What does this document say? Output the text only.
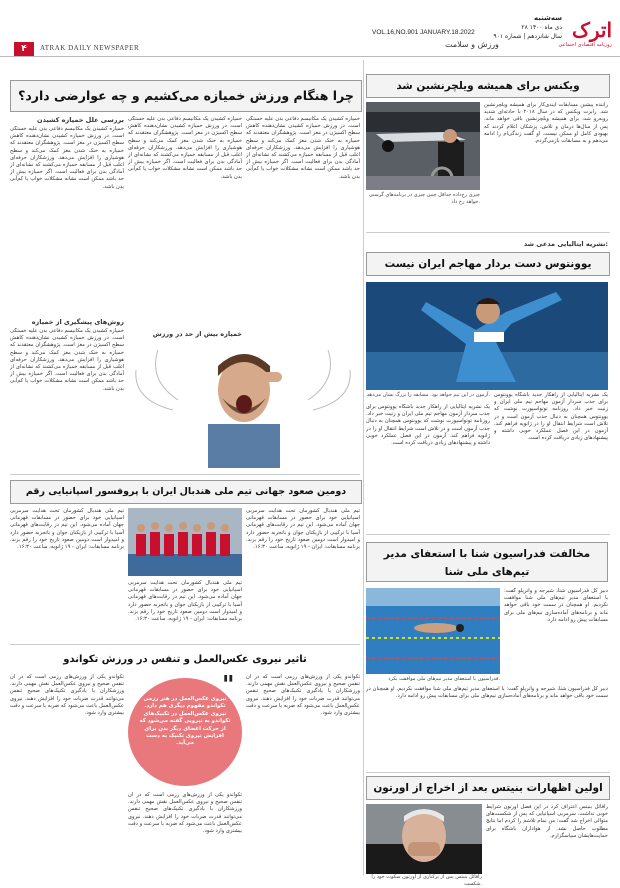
اترک
روزنامه اقتصادی اجتماعی
سه‌شنبه
۲۸ دی‌ ماه ۱۴۰۰
سال شانزدهم | شماره ۹۰۱
VOL.16,NO.901 JANUARY.18.2022
ورزش و سلامت
۴	ATRAK DAILY NEWSPAPER
ویکنس برای همیشه ویلچرنشین شد
راننده پیشین مسابقات ایندی‌کار برای همیشه ویلچرنشین شد. رابرت ویکنس که در سال ۲۰۱۸ با حادثه‌ای شدید روبه‌رو شد، برای همیشه ویلچرنشین باقی خواهد ماند. پس از سال‌ها درمان و تلاش، پزشکان اعلام کردند که بهبودی کامل او ممکن نیست. او گفت زندگی‌ام را ادامه می‌دهم و به مسابقات بازمی‌گردم.
چیزی رخ‌داده حداقل چنین چیزی در برنامه‌های گرسنی خواهد رخ داد.
نشریه ایتالیایی مدعی شد:
یوونتوس دست بردار مهاجم ایران نیست
آزمون در این تیم خواهد بود. مسابقه را بزرگ نشان می‌دهد. یک نشریه ایتالیایی از راهکار جدید باشگاه یوونتوس برای جذب سردار آزمون مهاجم تیم ملی ایران و زنیت خبر داد. روزنامه توتواسپورت نوشت که یوونتوس همچنان به دنبال جذب آزمون است و در تلاش است شرایط انتقال او را در ژانویه فراهم کند. آزمون در این فصل عملکرد خوبی داشته و پیشنهادهای زیادی دریافت کرده است.
یک نشریه ایتالیایی از راهکار جدید باشگاه یوونتوس برای جذب سردار آزمون مهاجم تیم ملی ایران و زنیت خبر داد. روزنامه توتواسپورت نوشت که یوونتوس همچنان به دنبال جذب آزمون است و در تلاش است شرایط انتقال او را در ژانویه فراهم کند. آزمون در این فصل عملکرد خوبی داشته و پیشنهادهای زیادی دریافت کرده است.
مخالفت فدراسیون شنا با استعفای مدیر تیم‌های ملی شنا
دبیر کل فدراسیون شنا، شیرجه و واترپلو گفت: با استعفای مدیر تیم‌های ملی شنا موافقت نکردیم. او همچنان در سمت خود باقی خواهد ماند و برنامه‌های آماده‌سازی تیم‌های ملی برای مسابقات پیش رو ادامه دارد.
فدراسیون با استعفای مدیر تیم‌های ملی موافقت نکرد.
دبیر کل فدراسیون شنا، شیرجه و واترپلو گفت: با استعفای مدیر تیم‌های ملی شنا موافقت نکردیم. او همچنان در سمت خود باقی خواهد ماند و برنامه‌های آماده‌سازی تیم‌های ملی برای مسابقات پیش رو ادامه دارد.
اولین اظهارات بنیتس بعد از اخراج از اورتون
رافائل بنیتس اعتراف کرد در این فصل اورتون شرایط خوبی نداشت. سرمربی اسپانیایی که پس از شکست‌های متوالی اخراج شد گفت: من تمام تلاشم را کردم اما نتایج مطلوب حاصل نشد. از هواداران باشگاه برای حمایت‌هایشان سپاسگزارم.
رافائل بنیتس پس از برکناری از اورتون سکوت خود را شکست.
چرا هنگام ورزش خمیازه می‌کشیم و چه عوارضی دارد؟
خمیازه کشیدن یک مکانیسم دفاعی بدن علیه خستگی است. در ورزش خمیازه کشیدن نشان‌دهنده کاهش سطح اکسیژن در مغز است. پژوهشگران معتقدند که خمیازه به خنک شدن مغز کمک می‌کند و سطح هوشیاری را افزایش می‌دهد. ورزشکاران حرفه‌ای اغلب قبل از مسابقه خمیازه می‌کشند که نشانه‌ای از آمادگی بدن برای فعالیت است. اگر خمیازه بیش از حد باشد ممکن است نشانه مشکلات خواب یا کم‌آبی بدن باشد.
خمیازه کشیدن یک مکانیسم دفاعی بدن علیه خستگی است. در ورزش خمیازه کشیدن نشان‌دهنده کاهش سطح اکسیژن در مغز است. پژوهشگران معتقدند که خمیازه به خنک شدن مغز کمک می‌کند و سطح هوشیاری را افزایش می‌دهد. ورزشکاران حرفه‌ای اغلب قبل از مسابقه خمیازه می‌کشند که نشانه‌ای از آمادگی بدن برای فعالیت است. اگر خمیازه بیش از حد باشد ممکن است نشانه مشکلات خواب یا کم‌آبی بدن باشد.
بررسی علل خمیازه کشیدن
خمیازه کشیدن یک مکانیسم دفاعی بدن علیه خستگی است. در ورزش خمیازه کشیدن نشان‌دهنده کاهش سطح اکسیژن در مغز است. پژوهشگران معتقدند که خمیازه به خنک شدن مغز کمک می‌کند و سطح هوشیاری را افزایش می‌دهد. ورزشکاران حرفه‌ای اغلب قبل از مسابقه خمیازه می‌کشند که نشانه‌ای از آمادگی بدن برای فعالیت است. اگر خمیازه بیش از حد باشد ممکن است نشانه مشکلات خواب یا کم‌آبی بدن باشد.
روش‌های پیشگیری از خمیازه
خمیازه کشیدن یک مکانیسم دفاعی بدن علیه خستگی است. در ورزش خمیازه کشیدن نشان‌دهنده کاهش سطح اکسیژن در مغز است. پژوهشگران معتقدند که خمیازه به خنک شدن مغز کمک می‌کند و سطح هوشیاری را افزایش می‌دهد. ورزشکاران حرفه‌ای اغلب قبل از مسابقه خمیازه می‌کشند که نشانه‌ای از آمادگی بدن برای فعالیت است. اگر خمیازه بیش از حد باشد ممکن است نشانه مشکلات خواب یا کم‌آبی بدن باشد.
خمیازه بیش از حد در ورزش
دومین صعود جهانی تیم ملی هندبال ایران با پروفسور اسپانیایی رقم
تیم ملی هندبال کشورمان تحت هدایت سرمربی اسپانیایی خود برای حضور در مسابقات قهرمانی جهان آماده می‌شود. این تیم در رقابت‌های قهرمانی آسیا با ترکیبی از بازیکنان جوان و باتجربه حضور دارد و امیدوار است دومین صعود تاریخ خود را رقم بزند. برنامه مسابقات: ایران - ۱۹ ژانویه، ساعت ۱۶:۳۰.
تیم ملی هندبال کشورمان تحت هدایت سرمربی اسپانیایی خود برای حضور در مسابقات قهرمانی جهان آماده می‌شود. این تیم در رقابت‌های قهرمانی آسیا با ترکیبی از بازیکنان جوان و باتجربه حضور دارد و امیدوار است دومین صعود تاریخ خود را رقم بزند. برنامه مسابقات: ایران - ۱۹ ژانویه، ساعت ۱۶:۳۰.
تیم ملی هندبال کشورمان تحت هدایت سرمربی اسپانیایی خود برای حضور در مسابقات قهرمانی جهان آماده می‌شود. این تیم در رقابت‌های قهرمانی آسیا با ترکیبی از بازیکنان جوان و باتجربه حضور دارد و امیدوار است دومین صعود تاریخ خود را رقم بزند. برنامه مسابقات: ایران - ۱۹ ژانویه، ساعت ۱۶:۳۰.
تاثیر نیروی عکس‌العمل و تنفس در ورزش تکواندو
تکواندو یکی از ورزش‌های رزمی است که در آن تنفس صحیح و نیروی عکس‌العمل نقش مهمی دارند. ورزشکاران با یادگیری تکنیک‌های صحیح تنفس می‌توانند قدرت ضربات خود را افزایش دهند. نیروی عکس‌العمل باعث می‌شود که ضربه با سرعت و دقت بیشتری وارد شود.
تکواندو یکی از ورزش‌های رزمی است که در آن تنفس صحیح و نیروی عکس‌العمل نقش مهمی دارند. ورزشکاران با یادگیری تکنیک‌های صحیح تنفس می‌توانند قدرت ضربات خود را افزایش دهند. نیروی عکس‌العمل باعث می‌شود که ضربه با سرعت و دقت بیشتری وارد شود.
"
نیروی عکس‌العمل در هنر رزمی تکواندو مفهوم دیگری هم دارد. نیروی عکس‌العمل در تکنیک‌های تکواندو به نیرویی گفته می‌شود که از حرکت اعضای دیگر بدن برای افزایش نیروی تکنیک به دست می‌آید.
تکواندو یکی از ورزش‌های رزمی است که در آن تنفس صحیح و نیروی عکس‌العمل نقش مهمی دارند. ورزشکاران با یادگیری تکنیک‌های صحیح تنفس می‌توانند قدرت ضربات خود را افزایش دهند. نیروی عکس‌العمل باعث می‌شود که ضربه با سرعت و دقت بیشتری وارد شود.
